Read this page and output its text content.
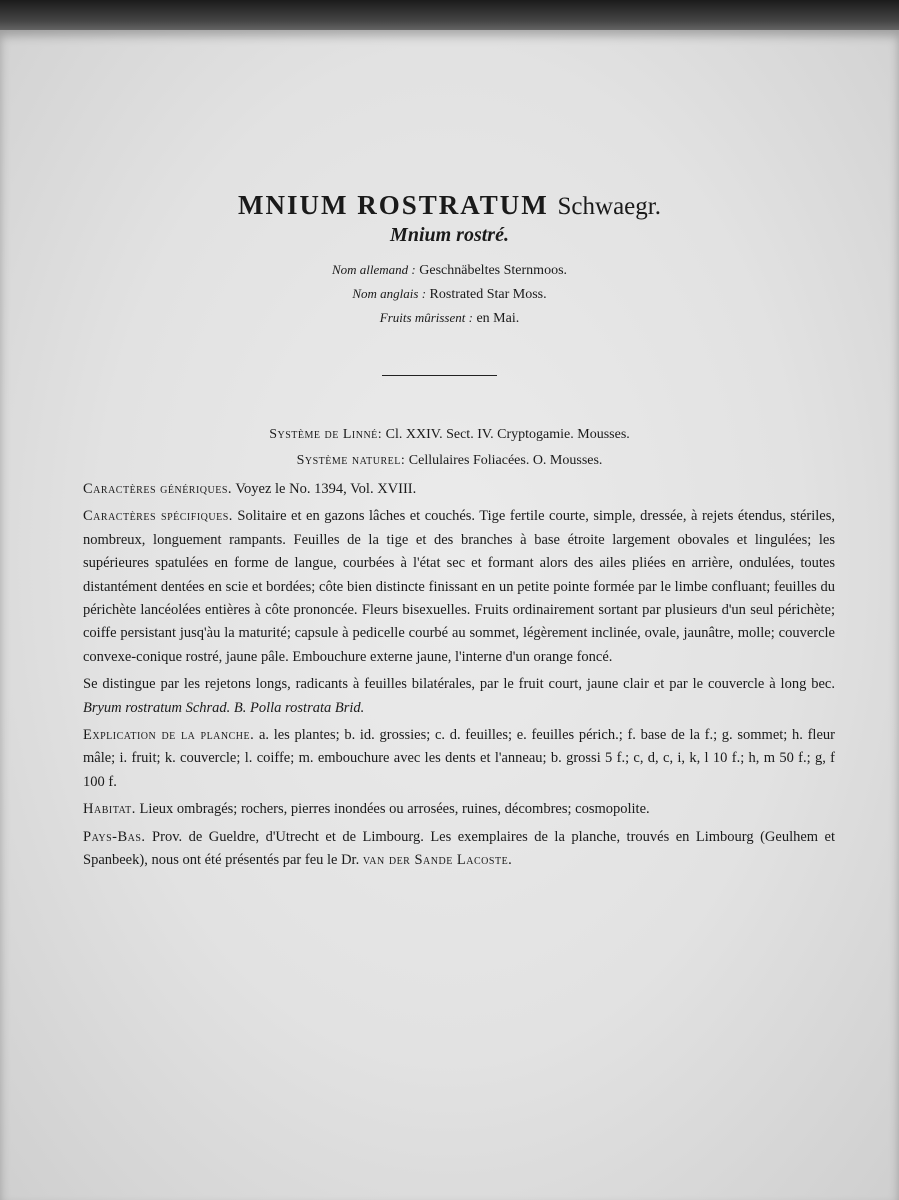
MNIUM ROSTRATUM Schwaegr.
Mnium rostré.
Nom allemand : Geschnäbeltes Sternmoos.
Nom anglais : Rostrated Star Moss.
Fruits mûrissent : en Mai.
Système de Linné: Cl. XXIV. Sect. IV. Cryptogamie. Mousses.
Système naturel: Cellulaires Foliacées. O. Mousses.

Caractères génériques. Voyez le No. 1394, Vol. XVIII.

Caractères spécifiques. Solitaire et en gazons lâches et couchés. Tige fertile courte, simple, dressée, à rejets étendus, stériles, nombreux, longuement rampants. Feuilles de la tige et des branches à base étroite largement obovales et lingulées; les supérieures spatulées en forme de langue, courbées à l'état sec et formant alors des ailes pliées en arrière, ondulées, toutes distantément dentées en scie et bordées; côte bien distincte finissant en un petite pointe formée par le limbe confluant; feuilles du périchète lancéolées entières à côte prononcée. Fleurs bisexuelles. Fruits ordinairement sortant par plusieurs d'un seul périchète; coiffe persistant jusq'àu la maturité; capsule à pedicelle courbé au sommet, légèrement inclinée, ovale, jaunâtre, molle; couvercle convexe-conique rostré, jaune pâle. Embouchure externe jaune, l'interne d'un orange foncé.

Se distingue par les rejetons longs, radicants à feuilles bilatérales, par le fruit court, jaune clair et par le couvercle à long bec. Bryum rostratum Schrad. B. Polla rostrata Brid.

Explication de la planche. a. les plantes; b. id. grossies; c. d. feuilles; e. feuilles périch.; f. base de la f.; g. sommet; h. fleur mâle; i. fruit; k. couvercle; l. coiffe; m. embouchure avec les dents et l'anneau; b. grossi 5 f.; c, d, c, i, k, l 10 f.; h, m 50 f.; g, f 100 f.

Habitat. Lieux ombragés; rochers, pierres inondées ou arrosées, ruines, décombres; cosmopolite.

Pays-Bas. Prov. de Gueldre, d'Utrecht et de Limbourg. Les exemplaires de la planche, trouvés en Limbourg (Geulhem et Spanbeek), nous ont été présentés par feu le Dr. van der Sande Lacoste.
